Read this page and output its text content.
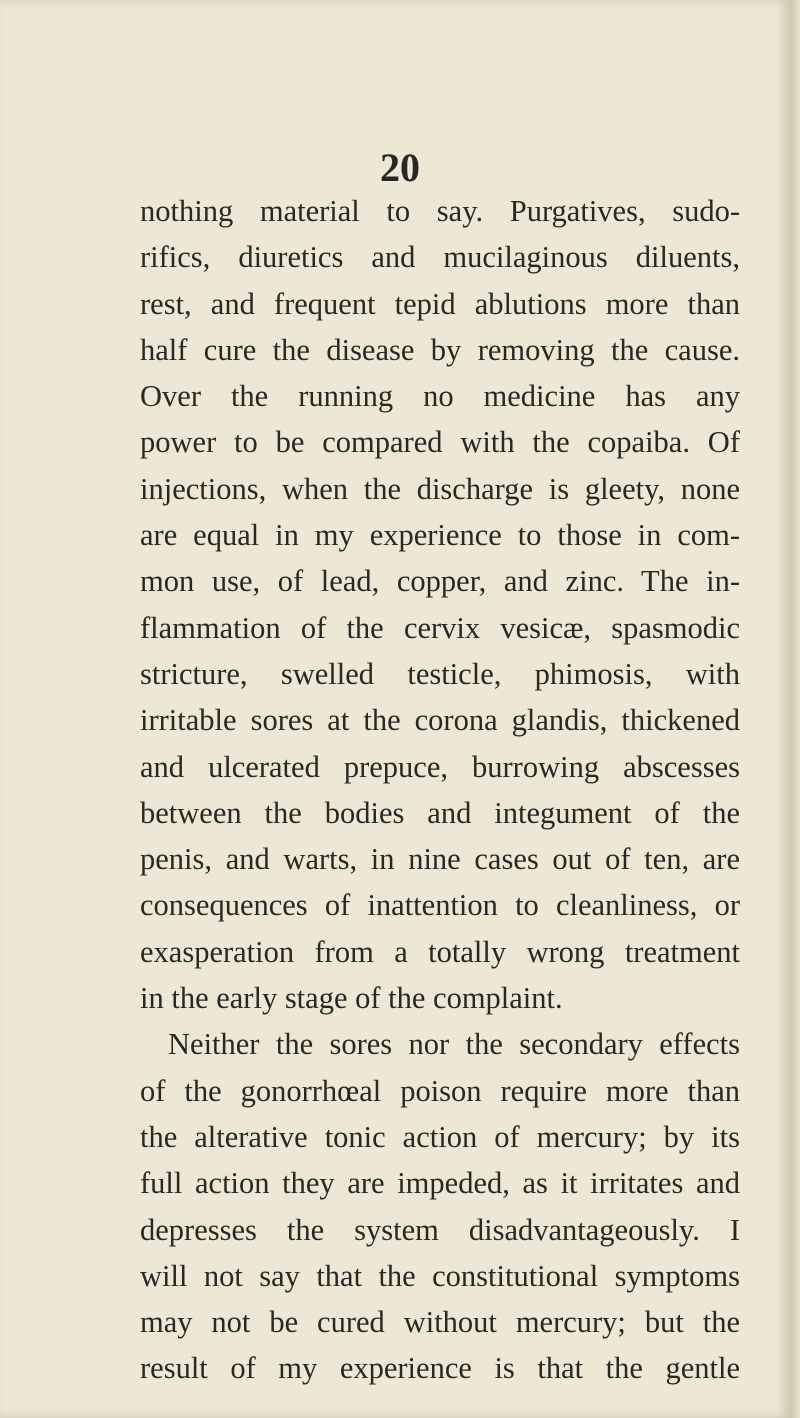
20
nothing material to say. Purgatives, sudo-
rifics, diuretics and mucilaginous diluents,
rest, and frequent tepid ablutions more than
half cure the disease by removing the cause.
Over the running no medicine has any
power to be compared with the copaiba. Of
injections, when the discharge is gleety, none
are equal in my experience to those in com-
mon use, of lead, copper, and zinc. The in-
flammation of the cervix vesicæ, spasmodic
stricture, swelled testicle, phimosis, with
irritable sores at the corona glandis, thickened
and ulcerated prepuce, burrowing abscesses
between the bodies and integument of the
penis, and warts, in nine cases out of ten, are
consequences of inattention to cleanliness, or
exasperation from a totally wrong treatment
in the early stage of the complaint.
Neither the sores nor the secondary effects
of the gonorrhœal poison require more than
the alterative tonic action of mercury; by its
full action they are impeded, as it irritates and
depresses the system disadvantageously. I
will not say that the constitutional symptoms
may not be cured without mercury; but the
result of my experience is that the gentle
